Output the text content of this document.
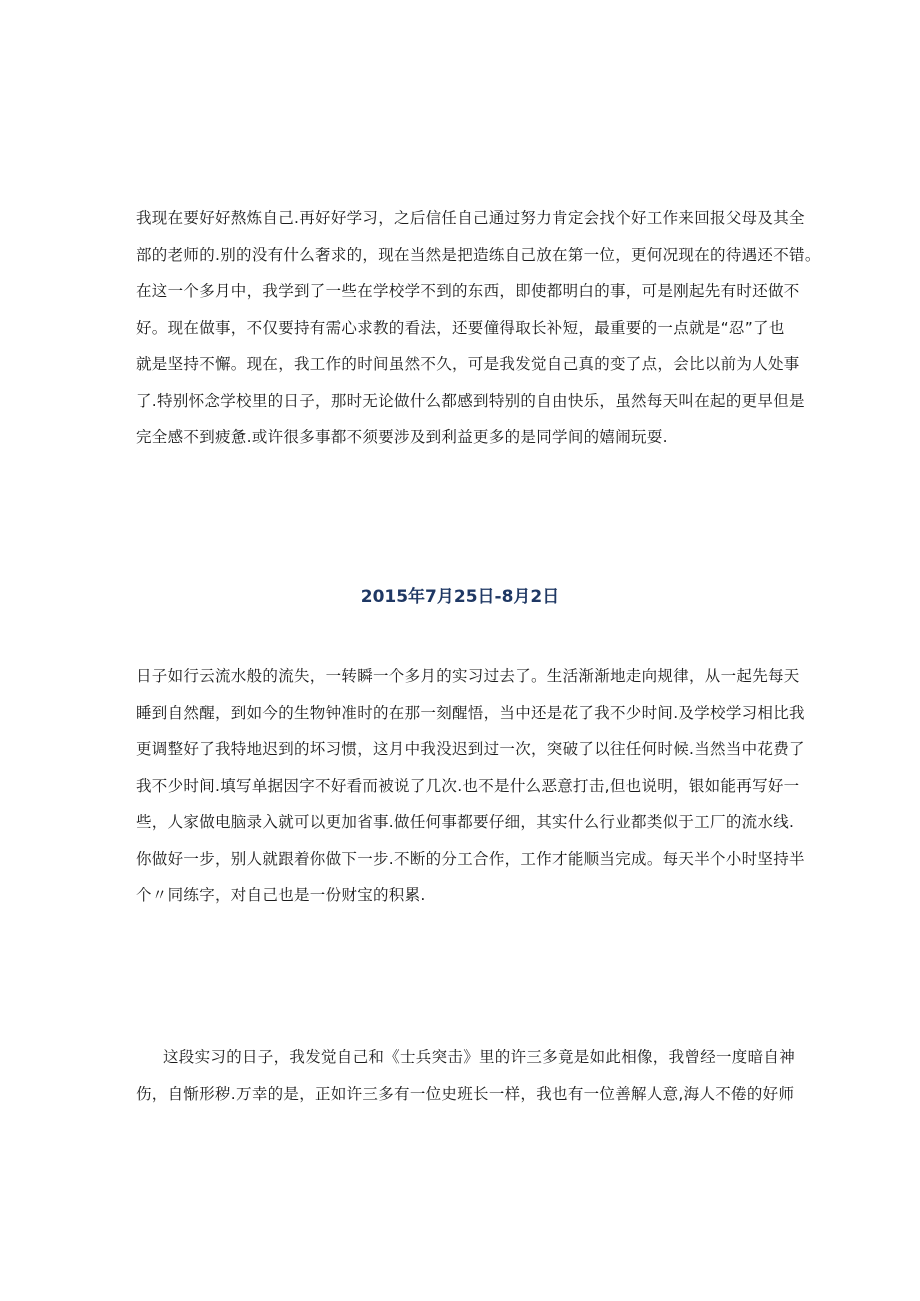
我现在要好好熬炼自己.再好好学习，之后信任自己通过努力肯定会找个好工作来回报父母及其全
部的老师的.别的没有什么奢求的，现在当然是把造练自己放在第一位，更何况现在的待遇还不错。
在这一个多月中，我学到了一些在学校学不到的东西，即使都明白的事，可是刚起先有时还做不
好。现在做事，不仅要持有需心求教的看法，还要僮得取长补短，最重要的一点就是“忍”了也
就是坚持不懈。现在，我工作的时间虽然不久，可是我发觉自己真的变了点，会比以前为人处事
了.特别怀念学校里的日子，那时无论做什么都感到特别的自由快乐，虽然每天叫在起的更早但是
完全感不到疲惫.或许很多事都不须要涉及到利益更多的是同学间的嬉闹玩耍.
2015年7月25日-8月2日
日子如行云流水般的流失，一转瞬一个多月的实习过去了。生活渐渐地走向规律，从一起先每天
睡到自然醒，到如今的生物钟准时的在那一刻醒悟，当中还是花了我不少时间.及学校学习相比我
更调整好了我特地迟到的坏习惯，这月中我没迟到过一次，突破了以往任何时候.当然当中花费了
我不少时间.填写单据因字不好看而被说了几次.也不是什么恶意打击,但也说明，银如能再写好一
些，人家做电脑录入就可以更加省事.做任何事都要仔细，其实什么行业都类似于工厂的流水线.
你做好一步，别人就跟着你做下一步.不断的分工合作，工作才能顺当完成。每天半个小时坚持半
个〃同练字，对自己也是一份财宝的积累.
这段实习的日子，我发觉自己和《士兵突击》里的许三多竟是如此相像，我曾经一度暗自神
伤，自惭形秽.万幸的是，正如许三多有一位史班长一样，我也有一位善解人意,海人不倦的好师
